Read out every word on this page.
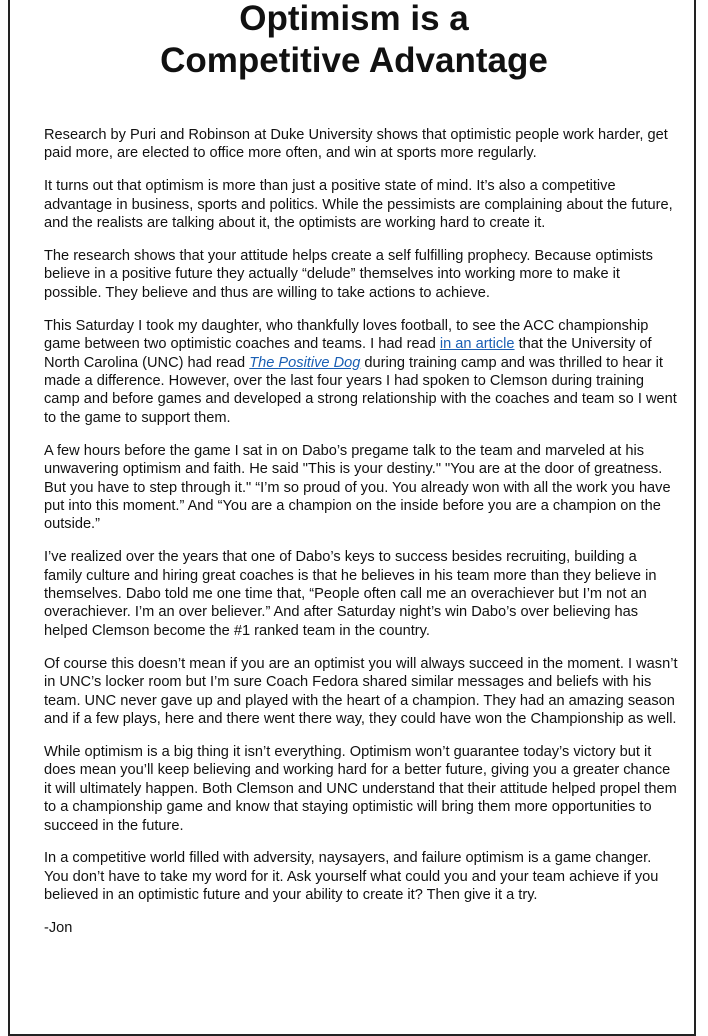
Optimism is a
Competitive Advantage

Research by Puri and Robinson at Duke University shows that optimistic people work harder, get paid more, are elected to office more often, and win at sports more regularly.

It turns out that optimism is more than just a positive state of mind. It’s also a competitive advantage in business, sports and politics. While the pessimists are complaining about the future, and the realists are talking about it, the optimists are working hard to create it.

The research shows that your attitude helps create a self fulfilling prophecy. Because optimists believe in a positive future they actually “delude” themselves into working more to make it possible. They believe and thus are willing to take actions to achieve.

This Saturday I took my daughter, who thankfully loves football, to see the ACC championship game between two optimistic coaches and teams. I had read in an article that the University of North Carolina (UNC) had read The Positive Dog during training camp and was thrilled to hear it made a difference. However, over the last four years I had spoken to Clemson during training camp and before games and developed a strong relationship with the coaches and team so I went to the game to support them.

A few hours before the game I sat in on Dabo’s pregame talk to the team and marveled at his unwavering optimism and faith. He said "This is your destiny." "You are at the door of greatness. But you have to step through it." “I’m so proud of you. You already won with all the work you have put into this moment.” And “You are a champion on the inside before you are a champion on the outside.”

I’ve realized over the years that one of Dabo’s keys to success besides recruiting, building a family culture and hiring great coaches is that he believes in his team more than they believe in themselves. Dabo told me one time that, “People often call me an overachiever but I’m not an overachiever. I’m an over believer.” And after Saturday night’s win Dabo’s over believing has helped Clemson become the #1 ranked team in the country.

Of course this doesn’t mean if you are an optimist you will always succeed in the moment. I wasn’t in UNC’s locker room but I’m sure Coach Fedora shared similar messages and beliefs with his team. UNC never gave up and played with the heart of a champion. They had an amazing season and if a few plays, here and there went there way, they could have won the Championship as well.

While optimism is a big thing it isn’t everything. Optimism won’t guarantee today’s victory but it does mean you’ll keep believing and working hard for a better future, giving you a greater chance it will ultimately happen. Both Clemson and UNC understand that their attitude helped propel them to a championship game and know that staying optimistic will bring them more opportunities to succeed in the future.

In a competitive world filled with adversity, naysayers, and failure optimism is a game changer. You don’t have to take my word for it. Ask yourself what could you and your team achieve if you believed in an optimistic future and your ability to create it? Then give it a try.

-Jon
